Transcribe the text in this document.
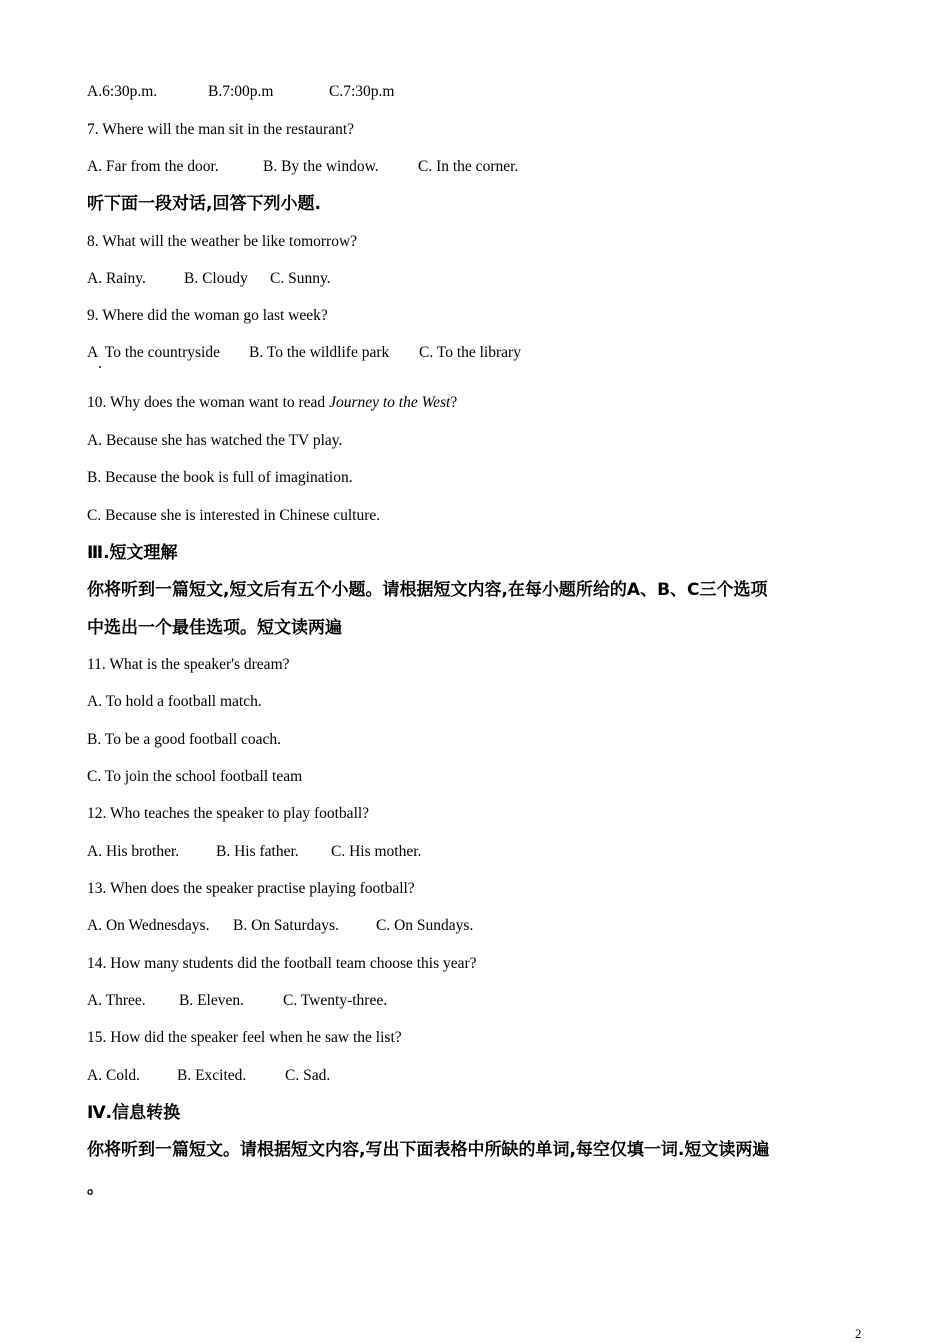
A.6:30p.m.	B.7:00p.m	C.7:30p.m
7. Where will the man sit in the restaurant?
A. Far from the door.	B. By the window.	C. In the corner.
听下面一段对话,回答下列小题.
8. What will the weather be like tomorrow?
A. Rainy. B. Cloudy C. Sunny.
9. Where did the woman go last week?
A  To the countryside B. To the wildlife park C. To the library
10. Why does the woman want to read Journey to the West?
A. Because she has watched the TV play.
B. Because the book is full of imagination.
C. Because she is interested in Chinese culture.
Ⅲ.短文理解
你将听到一篇短文,短文后有五个小题。请根据短文内容,在每小题所给的A、B、C三个选项
中选出一个最佳选项。短文读两遍
11. What is the speaker's dream?
A. To hold a football match.
B. To be a good football coach.
C. To join the school football team
12. Who teaches the speaker to play football?
A. His brother. B. His father. C. His mother.
13. When does the speaker practise playing football?
A. On Wednesdays. B. On Saturdays. C. On Sundays.
14. How many students did the football team choose this year?
A. Three. B. Eleven.	C. Twenty-three.
15. How did the speaker feel when he saw the list?
A. Cold. B. Excited. C. Sad.
Ⅳ.信息转换
你将听到一篇短文。请根据短文内容,写出下面表格中所缺的单词,每空仅填一词.短文读两遍
。
2
